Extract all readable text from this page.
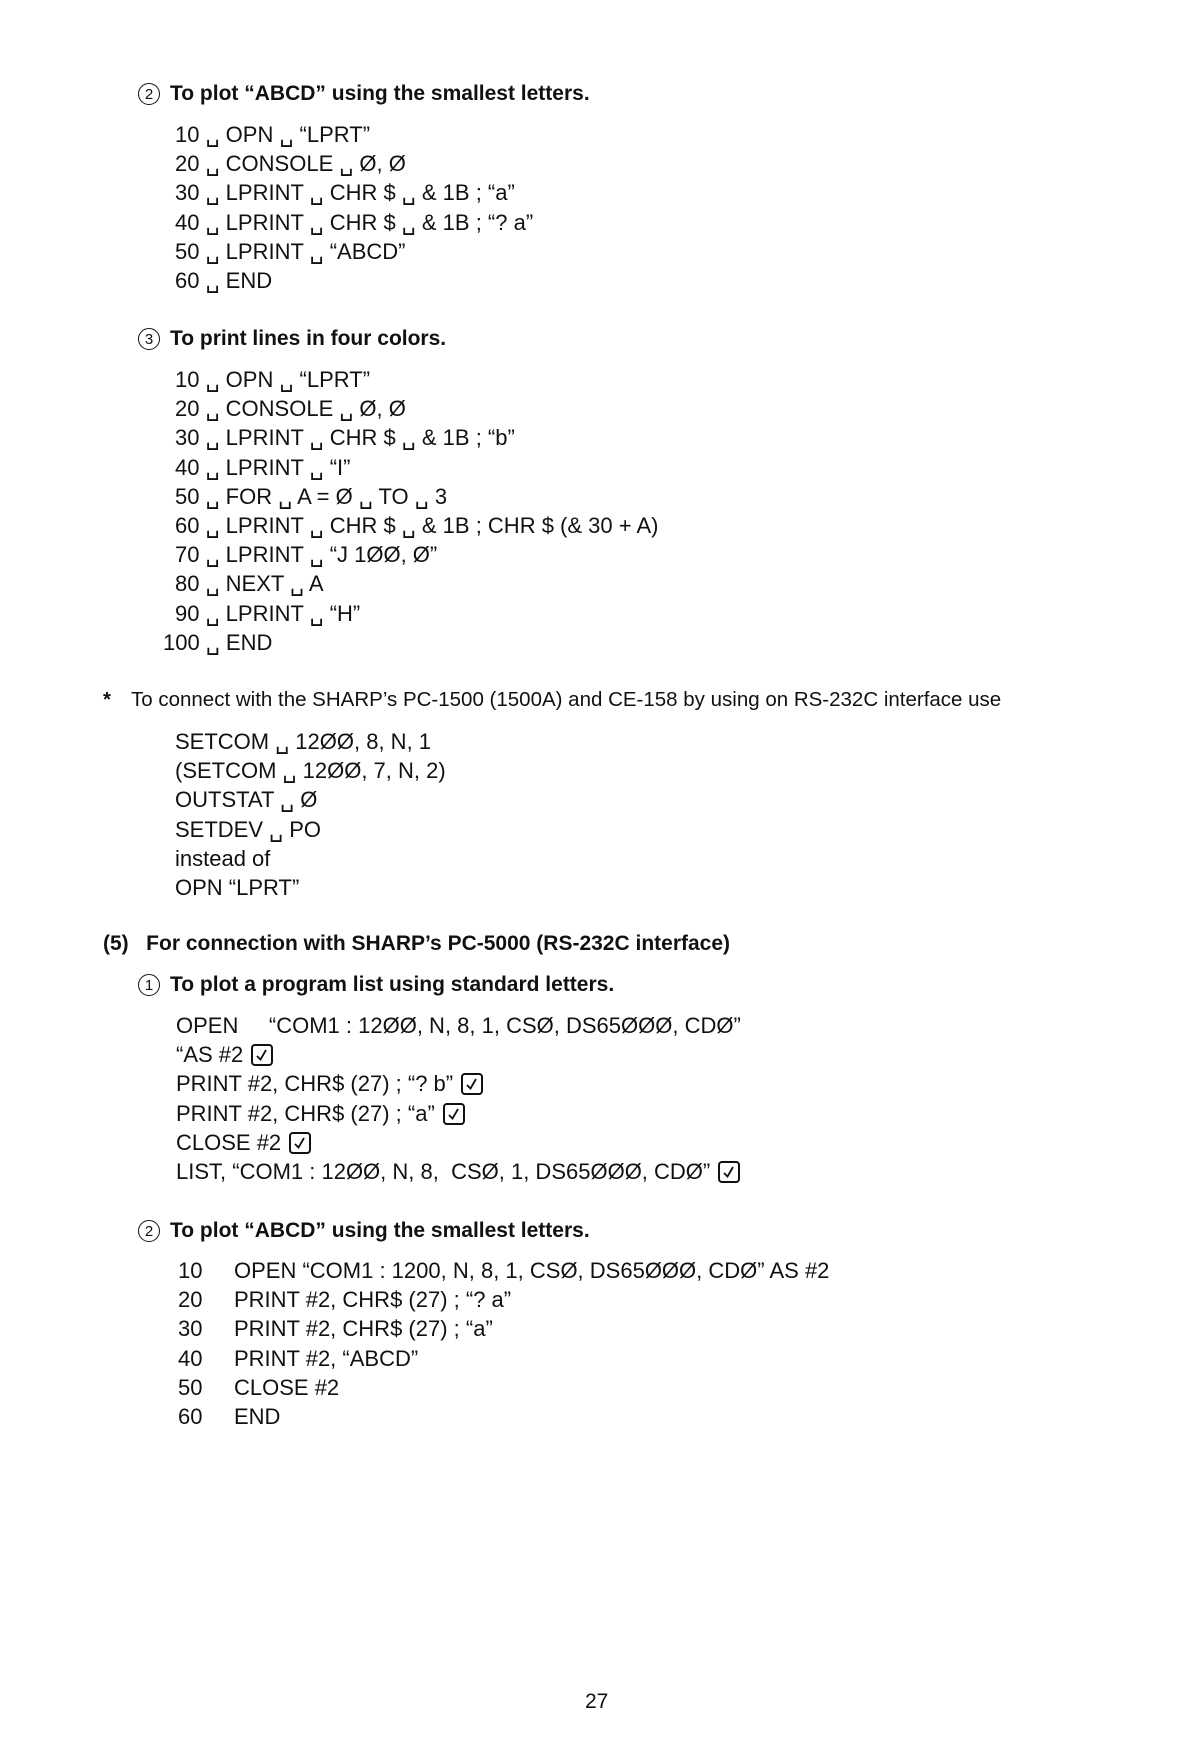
2 To plot “ABCD” using the smallest letters.
10 ␣ OPN ␣ “LPRT”
20 ␣ CONSOLE ␣ Ø, Ø
30 ␣ LPRINT ␣ CHR $ ␣ & 1B ; “a”
40 ␣ LPRINT ␣ CHR $ ␣ & 1B ; “? a”
50 ␣ LPRINT ␣ “ABCD”
60 ␣ END
3 To print lines in four colors.
10 ␣ OPN ␣ “LPRT”
20 ␣ CONSOLE ␣ Ø, Ø
30 ␣ LPRINT ␣ CHR $ ␣ & 1B ; “b”
40 ␣ LPRINT ␣ “I”
50 ␣ FOR ␣ A = Ø ␣ TO ␣ 3
60 ␣ LPRINT ␣ CHR $ ␣ & 1B ; CHR $ (& 30 + A)
70 ␣ LPRINT ␣ “J 1ØØ, Ø”
80 ␣ NEXT ␣ A
90 ␣ LPRINT ␣ “H”
100 ␣ END
* To connect with the SHARP’s PC-1500 (1500A) and CE-158 by using on RS-232C interface use
SETCOM ␣ 12ØØ, 8, N, 1
(SETCOM ␣ 12ØØ, 7, N, 2)
OUTSTAT ␣ Ø
SETDEV ␣ PO
instead of
OPN “LPRT”
(5)   For connection with SHARP’s PC-5000 (RS-232C interface)
1 To plot a program list using standard letters.
OPEN     “COM1 : 12ØØ, N, 8, 1, CSØ, DS65ØØØ, CDØ”
“AS #2
PRINT #2, CHR$ (27) ; “? b”
PRINT #2, CHR$ (27) ; “a”
CLOSE #2
LIST, “COM1 : 12ØØ, N, 8,  CSØ, 1, DS65ØØØ, CDØ”
2 To plot “ABCD” using the smallest letters.
10 OPEN “COM1 : 1200, N, 8, 1, CSØ, DS65ØØØ, CDØ” AS #2
20 PRINT #2, CHR$ (27) ; “? a”
30 PRINT #2, CHR$ (27) ; “a”
40 PRINT #2, “ABCD”
50 CLOSE #2
60 END
27
